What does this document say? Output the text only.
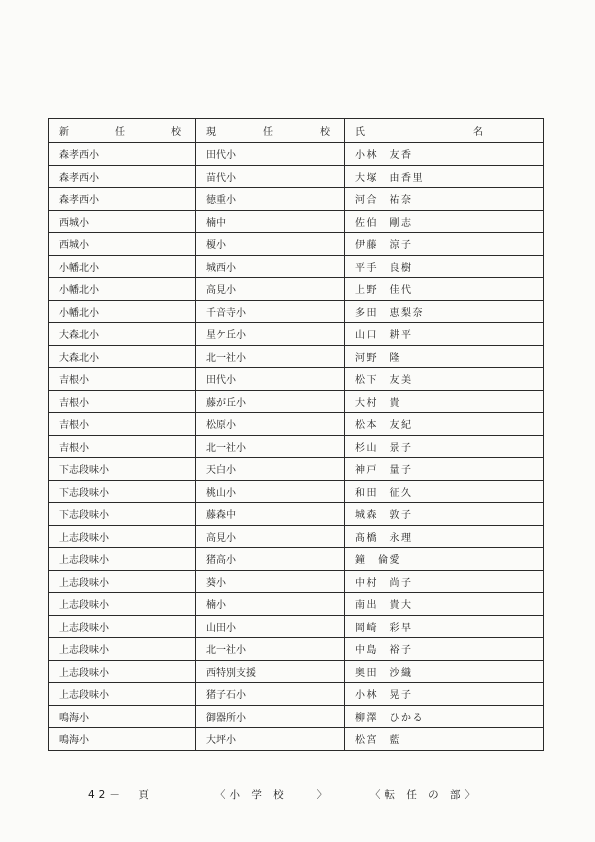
新 任 校	現 任 校	氏 名

森孝西小	田代小	小林　友香
森孝西小	苗代小	大塚　由香里
森孝西小	徳重小	河合　祐奈
西城小	楠中	佐伯　剛志
西城小	榎小	伊藤　涼子
小幡北小	城西小	平手　良樹
小幡北小	高見小	上野　佳代
小幡北小	千音寺小	多田　恵梨奈
大森北小	星ケ丘小	山口　耕平
大森北小	北一社小	河野　隆
吉根小	田代小	松下　友美
吉根小	藤が丘小	大村　貴
吉根小	松原小	松本　友紀
吉根小	北一社小	杉山　景子
下志段味小	天白小	神戸　量子
下志段味小	桃山小	和田　征久
下志段味小	藤森中	城森　敦子
上志段味小	高見小	髙橋　永理
上志段味小	猪高小	鐘　倫愛
上志段味小	葵小	中村　尚子
上志段味小	楠小	南出　貴大
上志段味小	山田小	岡崎　彩早
上志段味小	北一社小	中島　裕子
上志段味小	西特別支援	奥田　沙織
上志段味小	猪子石小	小林　晃子
鳴海小	御器所小	柳澤　ひかる
鳴海小	大坪小	松宮　藍
42－　頁	〈小 学 校　　〉	〈転 任 の 部〉
